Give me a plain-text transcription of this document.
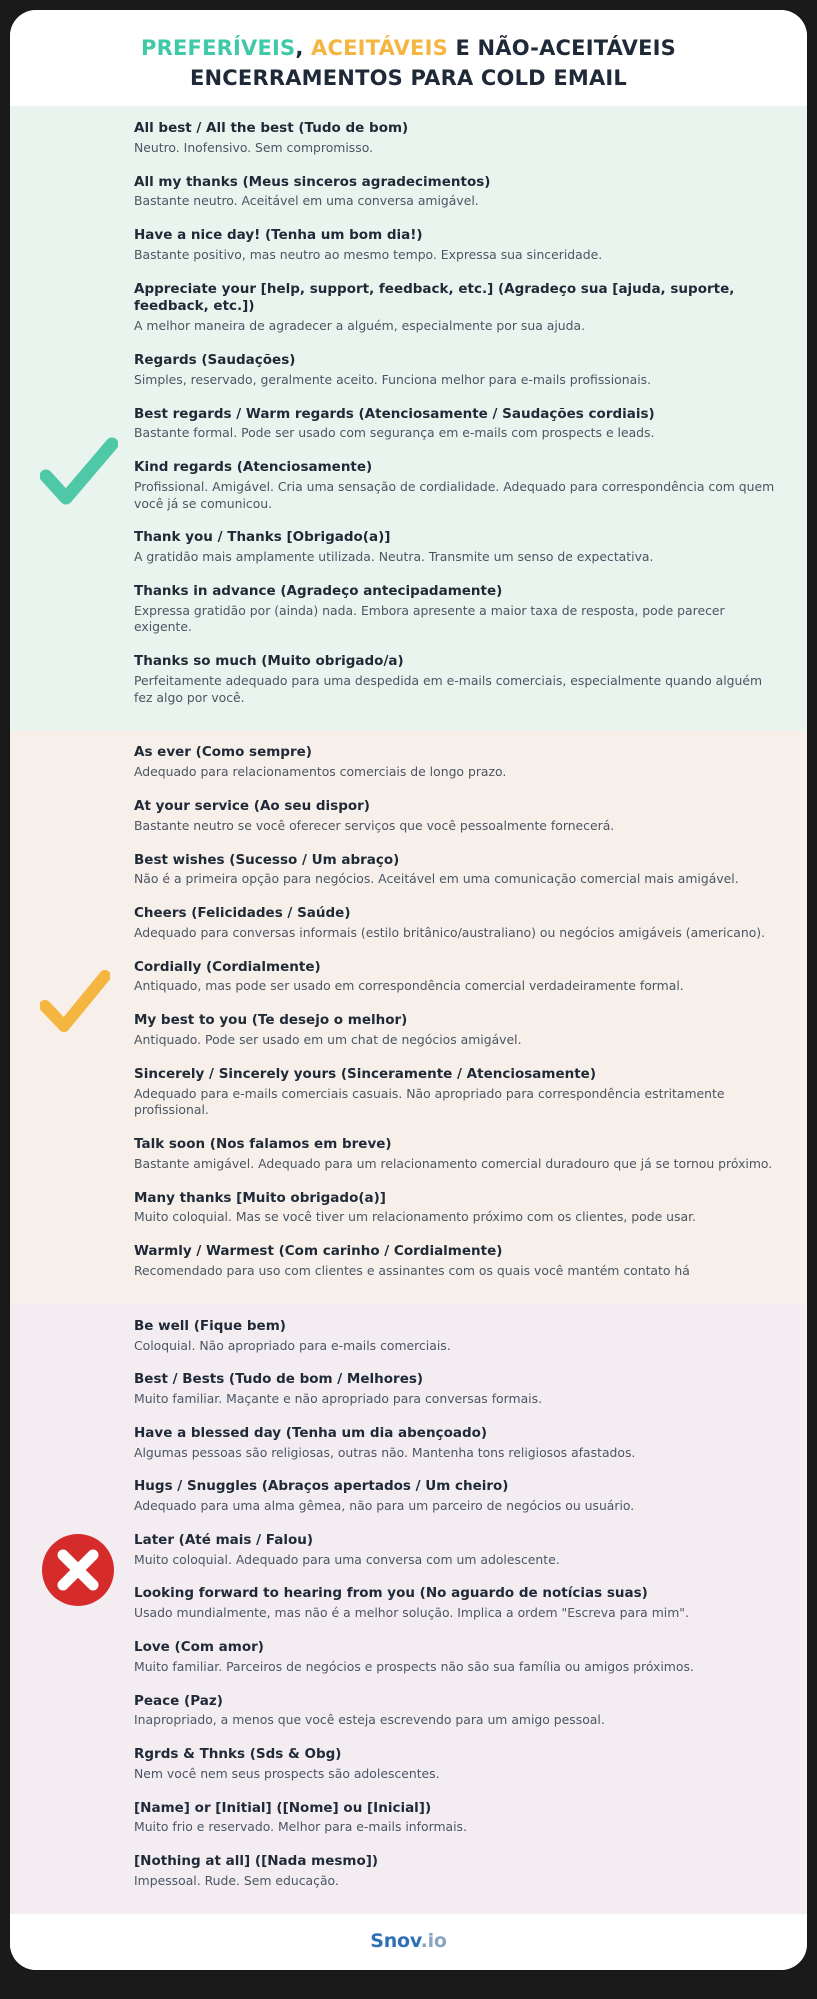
PREFERÍVEIS, ACEITÁVEIS E NÃO-ACEITÁVEIS
ENCERRAMENTOS PARA COLD EMAIL
All best / All the best (Tudo de bom)
Neutro. Inofensivo. Sem compromisso.
All my thanks (Meus sinceros agradecimentos)
Bastante neutro. Aceitável em uma conversa amigável.
Have a nice day! (Tenha um bom dia!)
Bastante positivo, mas neutro ao mesmo tempo. Expressa sua sinceridade.
Appreciate your [help, support, feedback, etc.] (Agradeço sua [ajuda, suporte, feedback, etc.])
A melhor maneira de agradecer a alguém, especialmente por sua ajuda.
Regards (Saudações)
Simples, reservado, geralmente aceito. Funciona melhor para e-mails profissionais.
Best regards / Warm regards (Atenciosamente / Saudações cordiais)
Bastante formal. Pode ser usado com segurança em e-mails com prospects e leads.
Kind regards (Atenciosamente)
Profissional. Amigável. Cria uma sensação de cordialidade. Adequado para correspondência com quem você já se comunicou.
Thank you / Thanks [Obrigado(a)]
A gratidão mais amplamente utilizada. Neutra. Transmite um senso de expectativa.
Thanks in advance (Agradeço antecipadamente)
Expressa gratidão por (ainda) nada. Embora apresente a maior taxa de resposta, pode parecer exigente.
Thanks so much (Muito obrigado/a)
Perfeitamente adequado para uma despedida em e-mails comerciais, especialmente quando alguém fez algo por você.
As ever (Como sempre)
Adequado para relacionamentos comerciais de longo prazo.
At your service (Ao seu dispor)
Bastante neutro se você oferecer serviços que você pessoalmente fornecerá.
Best wishes (Sucesso / Um abraço)
Não é a primeira opção para negócios. Aceitável em uma comunicação comercial mais amigável.
Cheers (Felicidades / Saúde)
Adequado para conversas informais (estilo britânico/australiano) ou negócios amigáveis (americano).
Cordially (Cordialmente)
Antiquado, mas pode ser usado em correspondência comercial verdadeiramente formal.
My best to you (Te desejo o melhor)
Antiquado. Pode ser usado em um chat de negócios amigável.
Sincerely / Sincerely yours (Sinceramente / Atenciosamente)
Adequado para e-mails comerciais casuais. Não apropriado para correspondência estritamente profissional.
Talk soon (Nos falamos em breve)
Bastante amigável. Adequado para um relacionamento comercial duradouro que já se tornou próximo.
Many thanks [Muito obrigado(a)]
Muito coloquial. Mas se você tiver um relacionamento próximo com os clientes, pode usar.
Warmly / Warmest (Com carinho / Cordialmente)
Recomendado para uso com clientes e assinantes com os quais você mantém contato há
Be well (Fique bem)
Coloquial. Não apropriado para e-mails comerciais.
Best / Bests (Tudo de bom / Melhores)
Muito familiar. Maçante e não apropriado para conversas formais.
Have a blessed day (Tenha um dia abençoado)
Algumas pessoas são religiosas, outras não. Mantenha tons religiosos afastados.
Hugs / Snuggles (Abraços apertados / Um cheiro)
Adequado para uma alma gêmea, não para um parceiro de negócios ou usuário.
Later (Até mais / Falou)
Muito coloquial. Adequado para uma conversa com um adolescente.
Looking forward to hearing from you (No aguardo de notícias suas)
Usado mundialmente, mas não é a melhor solução. Implica a ordem "Escreva para mim".
Love (Com amor)
Muito familiar. Parceiros de negócios e prospects não são sua família ou amigos próximos.
Peace (Paz)
Inapropriado, a menos que você esteja escrevendo para um amigo pessoal.
Rgrds & Thnks (Sds & Obg)
Nem você nem seus prospects são adolescentes.
[Name] or [Initial] ([Nome] ou [Inicial])
Muito frio e reservado. Melhor para e-mails informais.
[Nothing at all] ([Nada mesmo])
Impessoal. Rude. Sem educação.
Snov.io
